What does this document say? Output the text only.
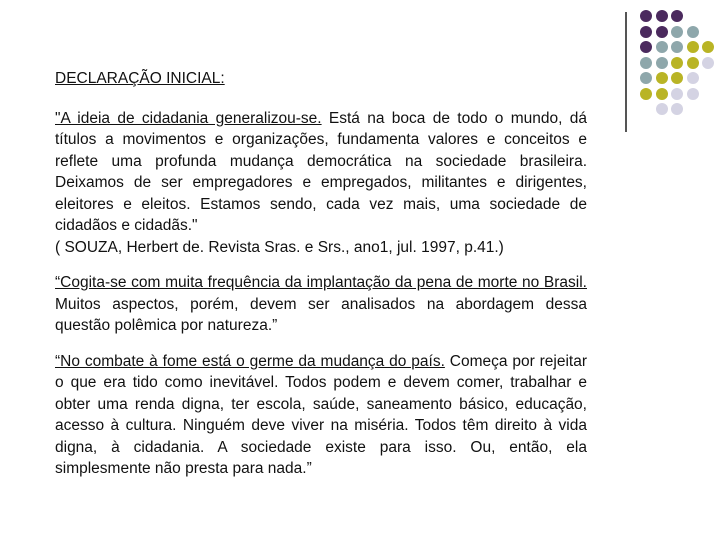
DECLARAÇÃO INICIAL:

"A ideia de cidadania generalizou-se. Está na boca de todo o mundo, dá títulos a movimentos e organizações, fundamenta valores e conceitos e reflete uma profunda mudança democrática na sociedade brasileira. Deixamos de ser empregadores e empregados, militantes e dirigentes, eleitores e eleitos. Estamos sendo, cada vez mais, uma sociedade de cidadãos e cidadãs."
( SOUZA, Herbert de. Revista Sras. e Srs., ano1, jul. 1997, p.41.)

“Cogita-se com muita frequência da implantação da pena de morte no Brasil. Muitos aspectos, porém, devem ser analisados na abordagem dessa questão polêmica por natureza.”

“No combate à fome está o germe da mudança do país. Começa por rejeitar o que era tido como inevitável. Todos podem e devem comer, trabalhar e obter uma renda digna, ter escola, saúde, saneamento básico, educação, acesso à cultura. Ninguém deve viver na miséria. Todos têm direito à vida digna, à cidadania. A sociedade existe para isso. Ou, então, ela simplesmente não presta para nada.”
